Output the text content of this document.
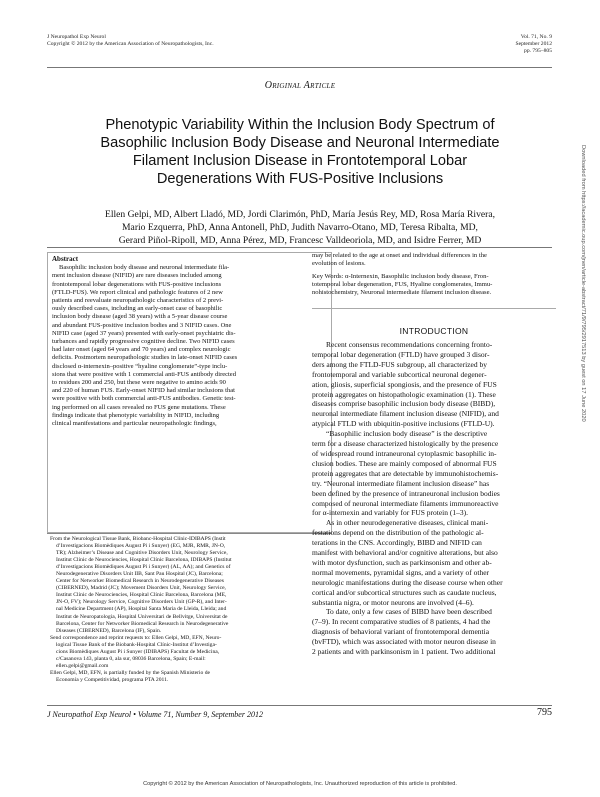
J Neuropathol Exp Neurol
Copyright © 2012 by the American Association of Neuropathologists, Inc.
Vol. 71, No. 9
September 2012
pp. 795–805
Original Article
Phenotypic Variability Within the Inclusion Body Spectrum of
Basophilic Inclusion Body Disease and Neuronal Intermediate
Filament Inclusion Disease in Frontotemporal Lobar
Degenerations With FUS-Positive Inclusions
Ellen Gelpi, MD, Albert Lladó, MD, Jordi Clarimón, PhD, María Jesús Rey, MD, Rosa María Rivera,
Mario Ezquerra, PhD, Anna Antonell, PhD, Judith Navarro-Otano, MD, Teresa Ribalta, MD,
Gerard Piñol-Ripoll, MD, Anna Pérez, MD, Francesc Valldeoriola, MD, and Isidre Ferrer, MD
Abstract
Basophilic inclusion body disease and neuronal intermediate fila-
ment inclusion disease (NIFID) are rare diseases included among
frontotemporal lobar degenerations with FUS-positive inclusions
(FTLD-FUS). We report clinical and pathologic features of 2 new
patients and reevaluate neuropathologic characteristics of 2 previ-
ously described cases, including an early-onset case of basophilic
inclusion body disease (aged 38 years) with a 5-year disease course
and abundant FUS-positive inclusion bodies and 3 NIFID cases. One
NIFID case (aged 37 years) presented with early-onset psychiatric dis-
turbances and rapidly progressive cognitive decline. Two NIFID cases
had later onset (aged 64 years and 70 years) and complex neurologic
deficits. Postmortem neuropathologic studies in late-onset NIFID cases
disclosed α-internexin–positive “hyaline conglomerate”-type inclu-
sions that were positive with 1 commercial anti-FUS antibody directed
to residues 200 and 250, but these were negative to amino acids 90
and 220 of human FUS. Early-onset NIFID had similar inclusions that
were positive with both commercial anti-FUS antibodies. Genetic test-
ing performed on all cases revealed no FUS gene mutations. These
findings indicate that phenotypic variability in NIFID, including
clinical manifestations and particular neuropathologic findings,
From the Neurological Tissue Bank, Biobanc-Hospital Clínic-IDIBAPS (Instit
d’Investigacions Biomèdiques August Pi i Sunyer) (EG, MJR, RMR, JN-O,
TR); Alzheimer’s Disease and Cognitive Disorders Unit, Neurology Service,
Institut Clínic de Neurociencies, Hospital Clínic Barcelona, IDIBAPS (Institut
d’Investigacions Biomèdiques August Pi i Sunyer) (AL, AA); and Genetics of
Neurodegenerative Disorders Unit IIB, Sant Pau Hospital (JC), Barcelona;
Center for Networker Biomedical Research in Neurodegenerative Diseases
(CIBERNED), Madrid (JC); Movement Disorders Unit, Neurology Service,
Institut Clínic de Neurociencies, Hospital Clínic Barcelona, Barcelona (ME,
JN-O, FV); Neurology Service, Cognitive Disorders Unit (GP-R), and Inter-
nal Medicine Department (AP), Hospital Santa Maria de Lleida, Lleida; and
Institut de Neuropatologia, Hospital Universitari de Bellvitge, Universitat de
Barcelona, Center for Networker Biomedical Research in Neurodegenerative
Diseases (CIBERNED), Barcelona (IF), Spain.
Send correspondence and reprint requests to: Ellen Gelpi, MD, EFN, Neuro-
logical Tissue Bank of the Biobank-Hospital Clínic-Institut d’Investiga-
cions Biomèdiques August Pi i Sunyer (IDIBAPS) Facultat de Medicina,
c/Casanova 143, planta 0, ala sur, 08036 Barcelona, Spain; E-mail:
ellen.gelpi@gmail.com
Ellen Gelpi, MD, EFN, is partially funded by the Spanish Ministerio de
Economía y Competitividad, programa PTA 2011.
may be related to the age at onset and individual differences in the
evolution of lesions.
Key Words: α-Internexin, Basophilic inclusion body disease, Fron-
totemporal lobar degeneration, FUS, Hyaline conglomerates, Immu-
nohistochemistry, Neuronal intermediate filament inclusion disease.
INTRODUCTION
Recent consensus recommendations concerning fronto-
temporal lobar degeneration (FTLD) have grouped 3 disor-
ders among the FTLD-FUS subgroup, all characterized by
frontotemporal and variable subcortical neuronal degener-
ation, gliosis, superficial spongiosis, and the presence of FUS
protein aggregates on histopathologic examination (1). These
diseases comprise basophilic inclusion body disease (BIBD),
neuronal intermediate filament inclusion disease (NIFID), and
atypical FTLD with ubiquitin-positive inclusions (FTLD-U).
“Basophilic inclusion body disease” is the descriptive
term for a disease characterized histologically by the presence
of widespread round intraneuronal cytoplasmic basophilic in-
clusion bodies. These are mainly composed of abnormal FUS
protein aggregates that are detectable by immunohistochemis-
try. “Neuronal intermediate filament inclusion disease” has
been defined by the presence of intraneuronal inclusion bodies
composed of neuronal intermediate filaments immunoreactive
for α-internexin and variably for FUS protein (1–3).
As in other neurodegenerative diseases, clinical mani-
festations depend on the distribution of the pathologic al-
terations in the CNS. Accordingly, BIBD and NIFID can
manifest with behavioral and/or cognitive alterations, but also
with motor dysfunction, such as parkinsonism and other ab-
normal movements, pyramidal signs, and a variety of other
neurologic manifestations during the disease course when other
cortical and/or subcortical structures such as caudate nucleus,
substantia nigra, or motor neurons are involved (4–6).
To date, only a few cases of BIBD have been described
(7–9). In recent comparative studies of 8 patients, 4 had the
diagnosis of behavioral variant of frontotemporal dementia
(bvFTD), which was associated with motor neuron disease in
2 patients and with parkinsonism in 1 patient. Two additional
J Neuropathol Exp Neurol • Volume 71, Number 9, September 2012	795
Copyright © 2012 by the American Association of Neuropathologists, Inc. Unauthorized reproduction of this article is prohibited.
Downloaded from https://academic.oup.com/jnen/article-abstract/71/9/795/2917513 by guest on 17 June 2020
